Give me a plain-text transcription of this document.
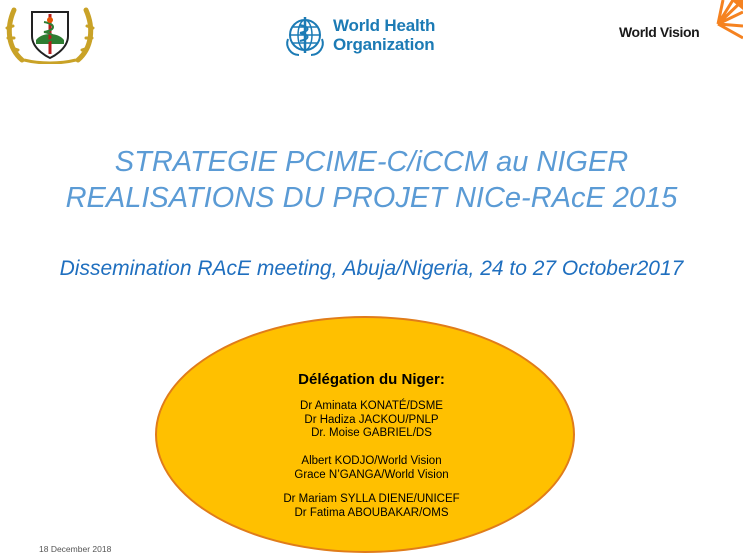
World Health
Organization
World Vision
STRATEGIE PCIME-C/iCCM au NIGER
REALISATIONS DU PROJET NICe-RAcE 2015
Dissemination RAcE meeting, Abuja/Nigeria, 24 to 27 October2017
Délégation du Niger:
Dr Aminata KONATÉ/DSME
Dr Hadiza JACKOU/PNLP
Dr. Moise GABRIEL/DS
Albert KODJO/World Vision
Grace N’GANGA/World Vision
Dr Mariam SYLLA DIENE/UNICEF
Dr Fatima ABOUBAKAR/OMS
18 December 2018
